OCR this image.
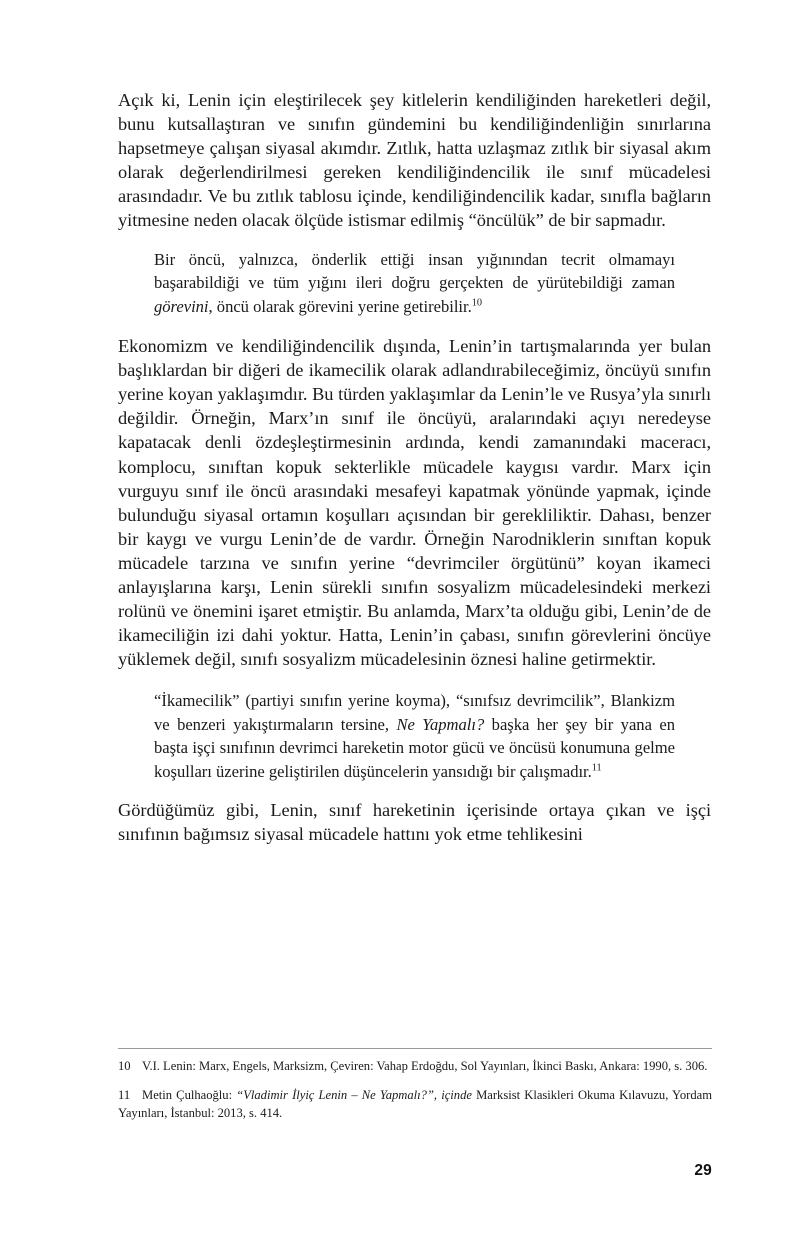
Açık ki, Lenin için eleştirilecek şey kitlelerin kendiliğinden hareketleri değil, bunu kutsallaştıran ve sınıfın gündemini bu kendiliğindenliğin sınırlarına hapsetmeye çalışan siyasal akımdır. Zıtlık, hatta uzlaşmaz zıtlık bir siyasal akım olarak değerlendirilmesi gereken kendiliğindencilik ile sınıf mücadelesi arasındadır. Ve bu zıtlık tablosu içinde, kendiliğindencilik kadar, sınıfla bağların yitmesine neden olacak ölçüde istismar edilmiş “öncülük” de bir sapmadır.

Bir öncü, yalnızca, önderlik ettiği insan yığınından tecrit olmamayı başarabildiği ve tüm yığını ileri doğru gerçekten de yürütebildiği zaman görevini, öncü olarak görevini yerine getirebilir.$^{10}$

Ekonomizm ve kendiliğindencilik dışında, Lenin’in tartışmalarında yer bulan başlıklardan bir diğeri de ikamecilik olarak adlandırabileceğimiz, öncüyü sınıfın yerine koyan yaklaşımdır. Bu türden yaklaşımlar da Lenin’le ve Rusya’yla sınırlı değildir. Örneğin, Marx’ın sınıf ile öncüyü, aralarındaki açıyı neredeyse kapatacak denli özdeşleştirmesinin ardında, kendi zamanındaki maceracı, komplocu, sınıftan kopuk sekterlikle mücadele kaygısı vardır. Marx için vurguyu sınıf ile öncü arasındaki mesafeyi kapatmak yönünde yapmak, içinde bulunduğu siyasal ortamın koşulları açısından bir gerekliliktir. Dahası, benzer bir kaygı ve vurgu Lenin’de de vardır. Örneğin Narodniklerin sınıftan kopuk mücadele tarzına ve sınıfın yerine “devrimciler örgütünü” koyan ikameci anlayışlarına karşı, Lenin sürekli sınıfın sosyalizm mücadelesindeki merkezi rolünü ve önemini işaret etmiştir. Bu anlamda, Marx’ta olduğu gibi, Lenin’de de ikameciliğin izi dahi yoktur. Hatta, Lenin’in çabası, sınıfın görevlerini öncüye yüklemek değil, sınıfı sosyalizm mücadelesinin öznesi haline getirmektir.

“İkamecilik” (partiyi sınıfın yerine koyma), “sınıfsız devrimcilik”, Blankizm ve benzeri yakıştırmaların tersine, Ne Yapmalı? başka her şey bir yana en başta işçi sınıfının devrimci hareketin motor gücü ve öncüsü konumuna gelme koşulları üzerine geliştirilen düşüncelerin yansıdığı bir çalışmadır.$^{11}$

Gördüğümüz gibi, Lenin, sınıf hareketinin içerisinde ortaya çıkan ve işçi sınıfının bağımsız siyasal mücadele hattını yok etme tehlikesini

10 V.I. Lenin: Marx, Engels, Marksizm, Çeviren: Vahap Erdoğdu, Sol Yayınları, İkinci Baskı, Ankara: 1990, s. 306.

11 Metin Çulhaoğlu: “Vladimir İlyiç Lenin – Ne Yapmalı?”, içinde Marksist Klasikleri Okuma Kılavuzu, Yordam Yayınları, İstanbul: 2013, s. 414.

29
